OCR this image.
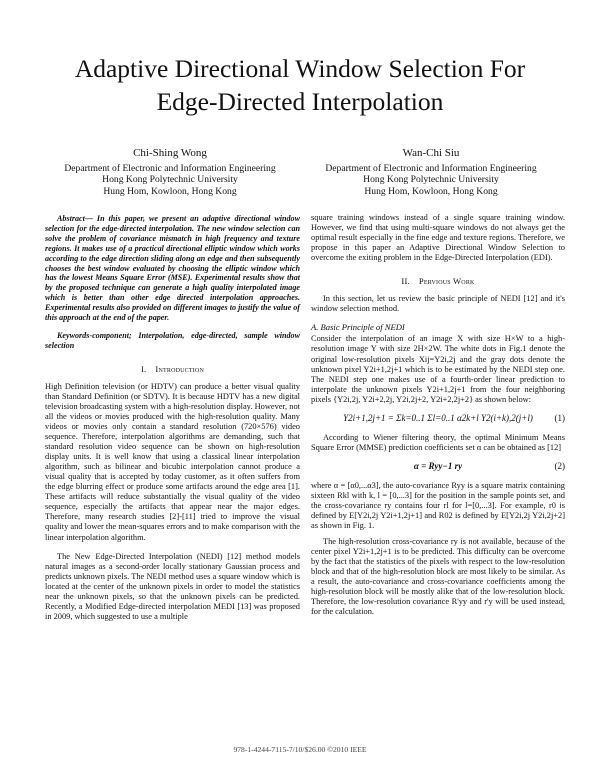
Adaptive Directional Window Selection For
Edge-Directed Interpolation
Chi-Shing Wong
Department of Electronic and Information Engineering
Hong Kong Polytechnic University
Hung Hom, Kowloon, Hong Kong
Wan-Chi Siu
Department of Electronic and Information Engineering
Hong Kong Polytechnic University
Hung Hom, Kowloon, Hong Kong

Abstract— In this paper, we present an adaptive directional window selection for the edge-directed interpolation. The new window selection can solve the problem of covariance mismatch in high frequency and texture regions. It makes use of a practical directional elliptic window which works according to the edge direction sliding along an edge and then subsequently chooses the best window evaluated by choosing the elliptic window which has the lowest Means Square Error (MSE). Experimental results show that by the proposed technique can generate a high quality interpolated image which is better than other edge directed interpolation approaches. Experimental results also provided on different images to justify the value of this approach at the end of the paper.

Keywords-component; Interpolation, edge-directed, sample window selection

I. Introduction

High Definition television (or HDTV) can produce a better visual quality than Standard Definition (or SDTV). It is because HDTV has a new digital television broadcasting system with a high-resolution display. However, not all the videos or movies produced with the high-resolution quality. Many videos or movies only contain a standard resolution (720×576) video sequence. Therefore, interpolation algorithms are demanding, such that standard resolution video sequence can be shown on high-resolution display units. It is well know that using a classical linear interpolation algorithm, such as bilinear and bicubic interpolation cannot produce a visual quality that is accepted by today customer, as it often suffers from the edge blurring effect or produce some artifacts around the edge area [1]. These artifacts will reduce substantially the visual quality of the video sequence, especially the artifacts that appear near the major edges. Therefore, many research studies [2]-[11] tried to improve the visual quality and lower the mean-squares errors and to make comparison with the linear interpolation algorithm.

The New Edge-Directed Interpolation (NEDI) [12] method models natural images as a second-order locally stationary Gaussian process and predicts unknown pixels. The NEDI method uses a square window which is located at the center of the unknown pixels in order to model the statistics near the unknown pixels, so that the unknown pixels can be predicted. Recently, a Modified Edge-directed interpolation MEDI [13] was proposed in 2009, which suggested to use a multiple

square training windows instead of a single square training window. However, we find that using multi-square windows do not always get the optimal result especially in the fine edge and texture regions. Therefore, we propose in this paper an Adaptive Directional Window Selection to overcome the exiting problem in the Edge-Directed Interpolation (EDI).

II. Pervious Work

In this section, let us review the basic principle of NEDI [12] and it's window selection method.

A. Basic Principle of NEDI

Consider the interpolation of an image X with size H×W to a high-resolution image Y with size 2H×2W. The white dots in Fig.1 denote the original low-resolution pixels Xij=Y2i,2j and the gray dots denote the unknown pixel Y2i+1,2j+1 which is to be estimated by the NEDI step one. The NEDI step one makes use of a fourth-order linear prediction to interpolate the unknown pixels Y2i+1,2j+1 from the four neighboring pixels {Y2i,2j, Y2i+2,2j, Y2i,2j+2, Y2i+2,2j+2} as shown below:

Y2i+1,2j+1 = Σk=0..1 Σl=0..1 α2k+l Y2(i+k),2(j+l)	(1)

According to Wiener filtering theory, the optimal Minimum Means Square Error (MMSE) prediction coefficients set α can be obtained as [12]

α = Ryy−1 ry	(2)

where α = [α0,...α3], the auto-covariance Ryy is a square matrix containing sixteen Rkl with k, l = [0,...3] for the position in the sample points set, and the cross-covariance ry contains four rl for l=[0,...3]. For example, r0 is defined by E[Y2i,2j Y2i+1,2j+1] and R02 is defined by E[Y2i,2j Y2i,2j+2] as shown in Fig. 1.

The high-resolution cross-covariance ry is not available, because of the center pixel Y2i+1,2j+1 is to be predicted. This difficulty can be overcome by the fact that the statistics of the pixels with respect to the low-resolution block and that of the high-resolution block are most likely to be similar. As a result, the auto-covariance and cross-covariance coefficients among the high-resolution block will be mostly alike that of the low-resolution block. Therefore, the low-resolution covariance R'yy and r'y will be used instead, for the calculation.

978-1-4244-7115-7/10/$26.00 ©2010 IEEE
